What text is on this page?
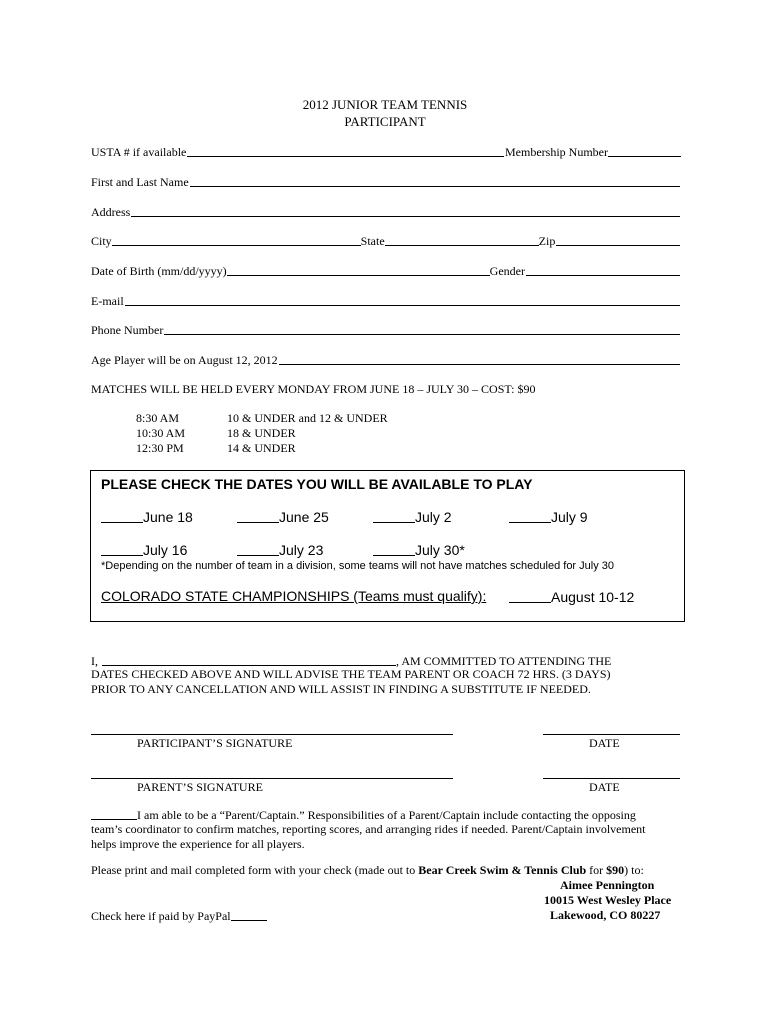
2012 JUNIOR TEAM TENNIS
PARTICIPANT
USTA # if available	Membership Number
First and Last Name
Address
City	State	Zip
Date of Birth (mm/dd/yyyy)	Gender
E-mail
Phone Number
Age Player will be on August 12, 2012
MATCHES WILL BE HELD EVERY MONDAY FROM JUNE 18 – JULY 30 – COST: $90
8:30 AM	10 & UNDER and 12 & UNDER
10:30 AM	18 & UNDER
12:30 PM	14 & UNDER
PLEASE CHECK THE DATES YOU WILL BE AVAILABLE TO PLAY
June 18	June 25	July 2	July 9
July 16	July 23	July 30*
*Depending on the number of team in a division, some teams will not have matches scheduled for July 30
COLORADO STATE CHAMPIONSHIPS (Teams must qualify):	August 10-12
I,	, AM COMMITTED TO ATTENDING THE
DATES CHECKED ABOVE AND WILL ADVISE THE TEAM PARENT OR COACH 72 HRS. (3 DAYS)
PRIOR TO ANY CANCELLATION AND WILL ASSIST IN FINDING A SUBSTITUTE IF NEEDED.
PARTICIPANT’S SIGNATURE	DATE
PARENT’S SIGNATURE	DATE
I am able to be a “Parent/Captain.” Responsibilities of a Parent/Captain include contacting the opposing
team’s coordinator to confirm matches, reporting scores, and arranging rides if needed. Parent/Captain involvement
helps improve the experience for all players.
Please print and mail completed form with your check (made out to Bear Creek Swim & Tennis Club for $90) to:
Aimee Pennington
10015 West Wesley Place
Lakewood, CO 80227
Check here if paid by PayPal
